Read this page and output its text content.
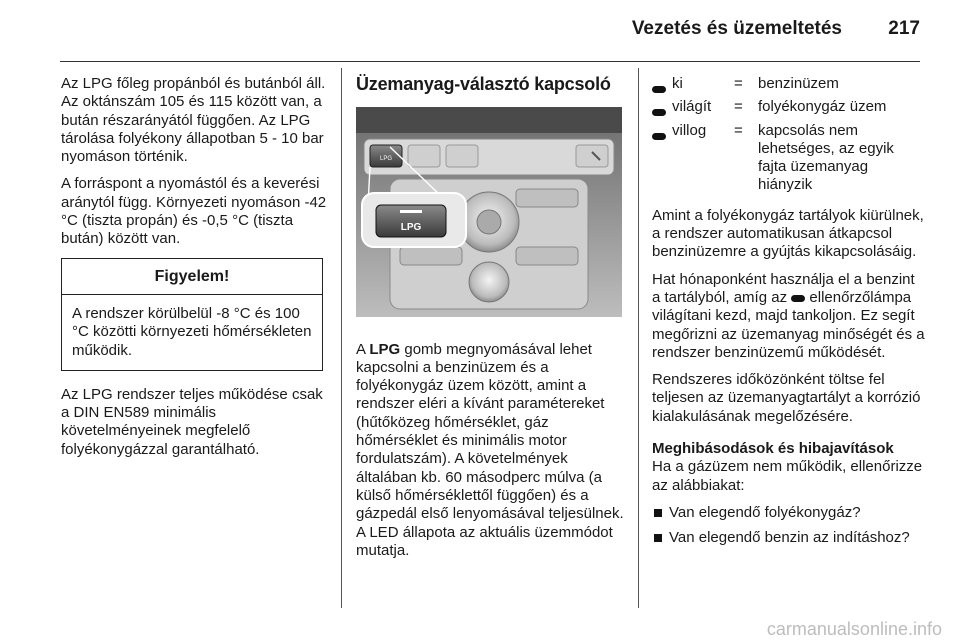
Vezetés és üzemeltetés 217

Az LPG főleg propánból és butánból áll. Az oktánszám 105 és 115 között van, a bután részarányától függően. Az LPG tárolása folyékony állapotban 5 - 10 bar nyomáson történik.

A forráspont a nyomástól és a keverési aránytól függ. Környezeti nyomáson -42 °C (tiszta propán) és -0,5 °C (tiszta bután) között van.

Figyelem!
A rendszer körülbelül -8 °C és 100 °C közötti környezeti hőmérsékleten működik.

Az LPG rendszer teljes működése csak a DIN EN589 minimális követelményeinek megfelelő folyékonygázzal garantálható.

Üzemanyag-választó kapcsoló
LPG
LPG

A LPG gomb megnyomásával lehet kapcsolni a benzinüzem és a folyékonygáz üzem között, amint a rendszer eléri a kívánt paramétereket (hűtőközeg hőmérséklet, gáz hőmérséklet és minimális motor fordulatszám). A követelmények általában kb. 60 másodperc múlva (a külső hőmérséklettől függően) és a gázpedál első lenyomásával teljesülnek. A LED állapota az aktuális üzemmódot mutatja.

	ki	=	benzinüzem
	világít	=	folyékonygáz üzem
	villog	=	kapcsolás nem lehetséges, az egyik fajta üzemanyag hiányzik

Amint a folyékonygáz tartályok kiürülnek, a rendszer automatikusan átkapcsol benzinüzemre a gyújtás kikapcsolásáig.

Hat hónaponként használja el a benzint a tartályból, amíg az ellenőrzőlámpa világítani kezd, majd tankoljon. Ez segít megőrizni az üzemanyag minőségét és a rendszer benzinüzemű működését.

Rendszeres időközönként töltse fel teljesen az üzemanyagtartályt a korrózió kialakulásának megelőzésére.

Meghibásodások és hibajavítások

Ha a gázüzem nem működik, ellenőrizze az alábbiakat:

Van elegendő folyékonygáz?
Van elegendő benzin az indításhoz?
carmanualsonline.info
